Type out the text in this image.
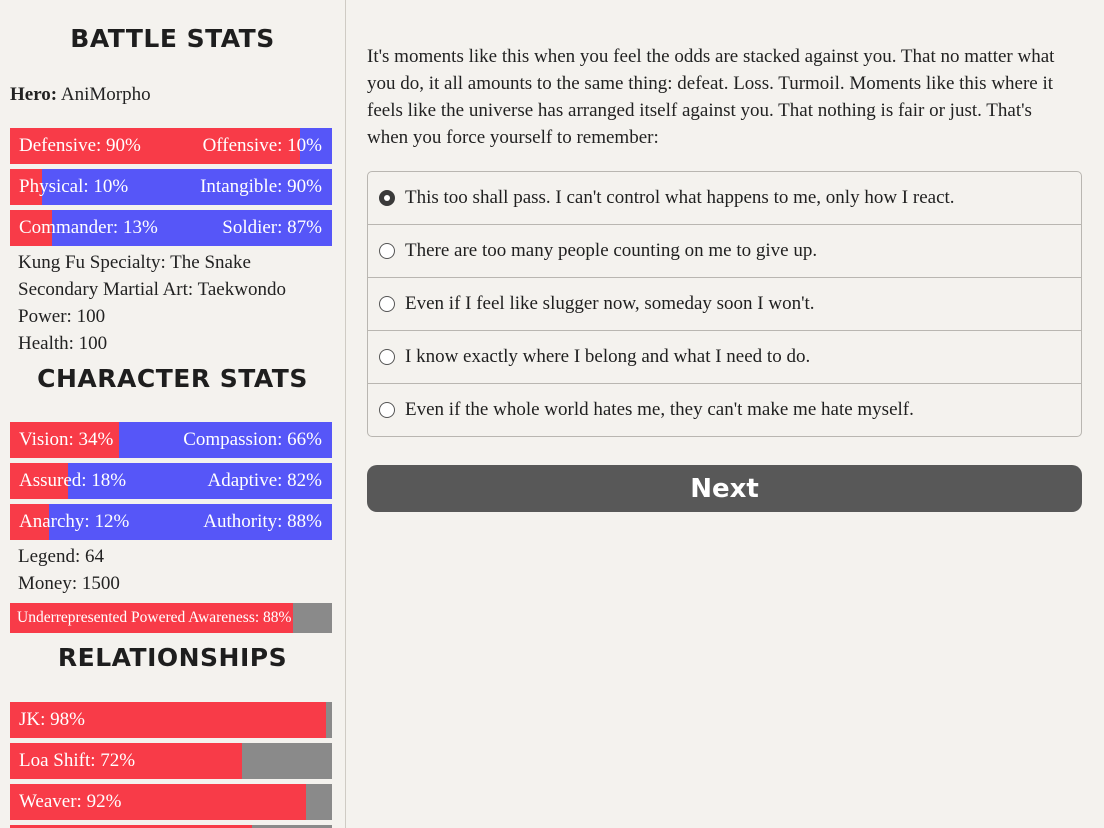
BATTLE STATS
Hero: AniMorpho
Defensive: 90%	Offensive: 10%
Physical: 10%	Intangible: 90%
Commander: 13%	Soldier: 87%
Kung Fu Specialty: The Snake
Secondary Martial Art: Taekwondo
Power: 100
Health: 100
CHARACTER STATS
Vision: 34%	Compassion: 66%
Assured: 18%	Adaptive: 82%
Anarchy: 12%	Authority: 88%
Legend: 64
Money: 1500
Underrepresented Powered Awareness: 88%
RELATIONSHIPS
JK: 98%
Loa Shift: 72%
Weaver: 92%

It's moments like this when you feel the odds are stacked against you. That no matter what you do, it all amounts to the same thing: defeat. Loss. Turmoil. Moments like this where it feels like the universe has arranged itself against you. That nothing is fair or just. That's when you force yourself to remember:

This too shall pass. I can't control what happens to me, only how I react.
There are too many people counting on me to give up.
Even if I feel like slugger now, someday soon I won't.
I know exactly where I belong and what I need to do.
Even if the whole world hates me, they can't make me hate myself.
Next
